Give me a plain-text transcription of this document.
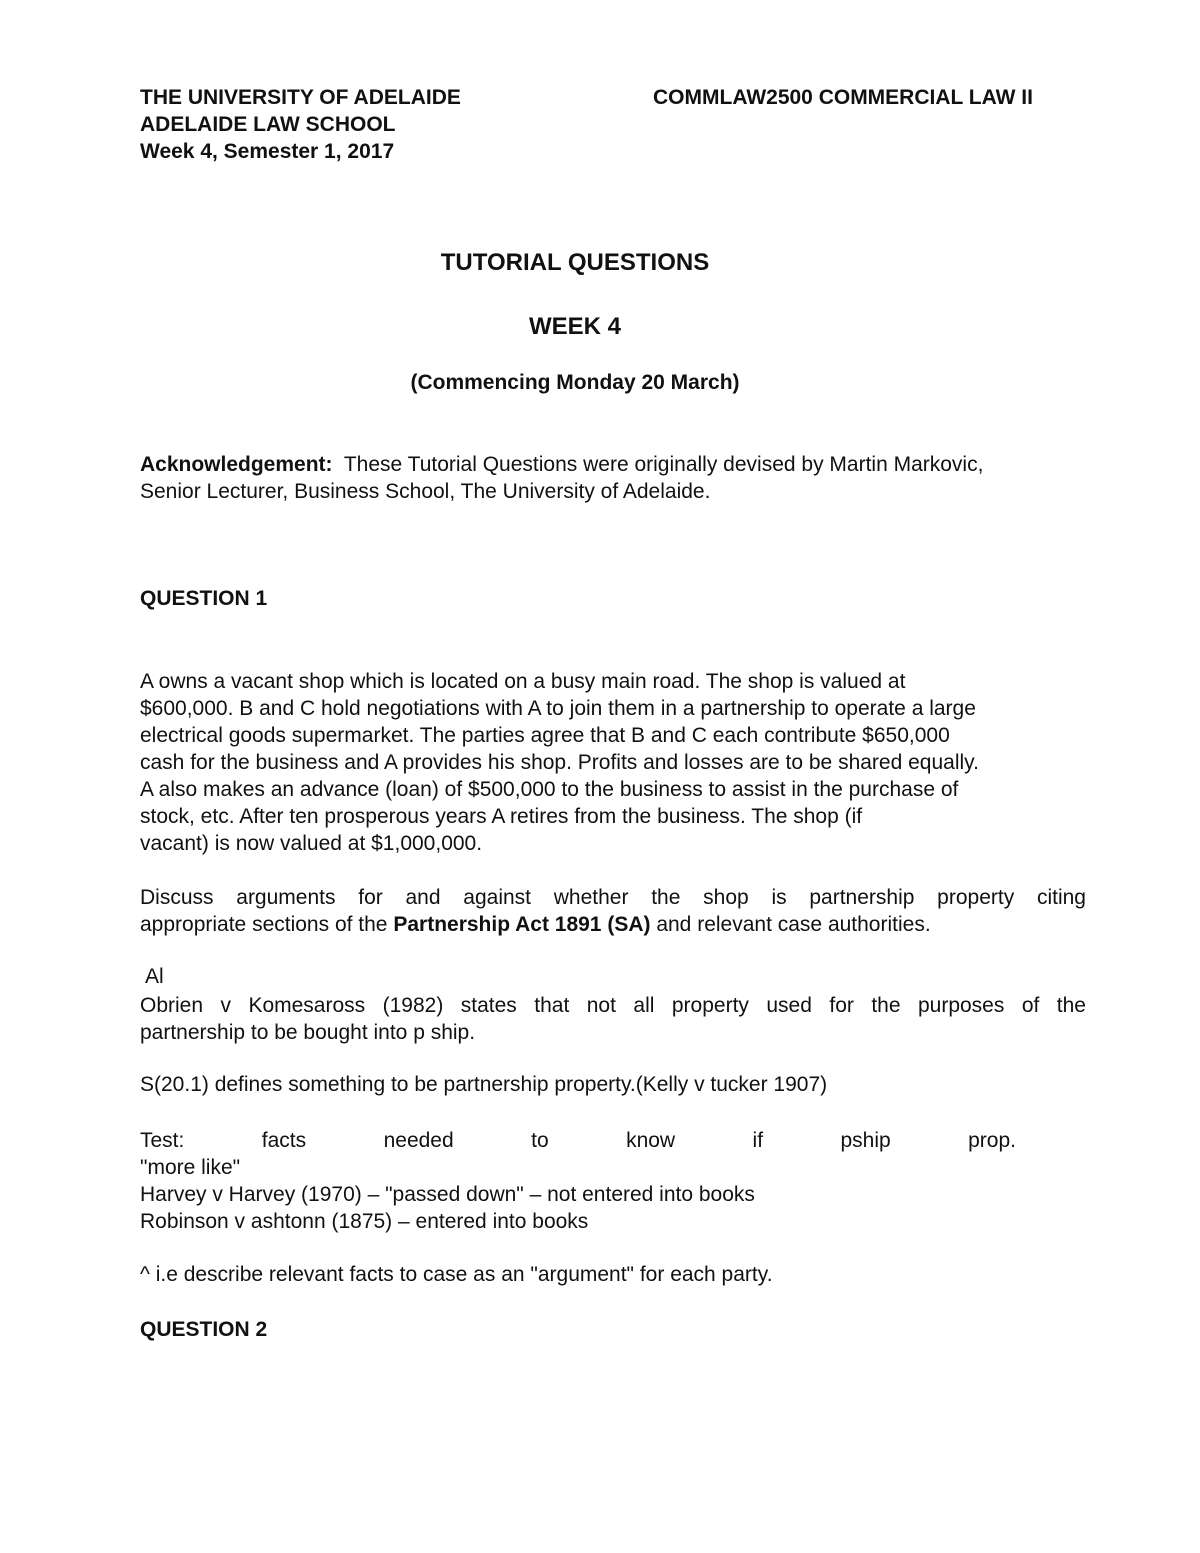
THE UNIVERSITY OF ADELAIDE	COMMLAW2500 COMMERCIAL LAW II
ADELAIDE LAW SCHOOL
Week 4, Semester 1, 2017
TUTORIAL QUESTIONS
WEEK 4
(Commencing Monday 20 March)
Acknowledgement: These Tutorial Questions were originally devised by Martin Markovic,
Senior Lecturer, Business School, The University of Adelaide.
QUESTION 1
A owns a vacant shop which is located on a busy main road. The shop is valued at
$600,000. B and C hold negotiations with A to join them in a partnership to operate a large
electrical goods supermarket. The parties agree that B and C each contribute $650,000
cash for the business and A provides his shop. Profits and losses are to be shared equally.
A also makes an advance (loan) of $500,000 to the business to assist in the purchase of
stock, etc. After ten prosperous years A retires from the business. The shop (if
vacant) is now valued at $1,000,000.
Discuss arguments for and against whether the shop is partnership property citing
appropriate sections of the Partnership Act 1891 (SA) and relevant case authorities.
Al
Obrien v Komesaross (1982) states that not all property used for the purposes of the
partnership to be bought into p ship.
S(20.1) defines something to be partnership property.(Kelly v tucker 1907)
Test:	facts	needed	to	know	if	pship	prop.
"more like"
Harvey v Harvey (1970) – "passed down" – not entered into books
Robinson v ashtonn (1875) – entered into books
^ i.e describe relevant facts to case as an "argument" for each party.
QUESTION 2
